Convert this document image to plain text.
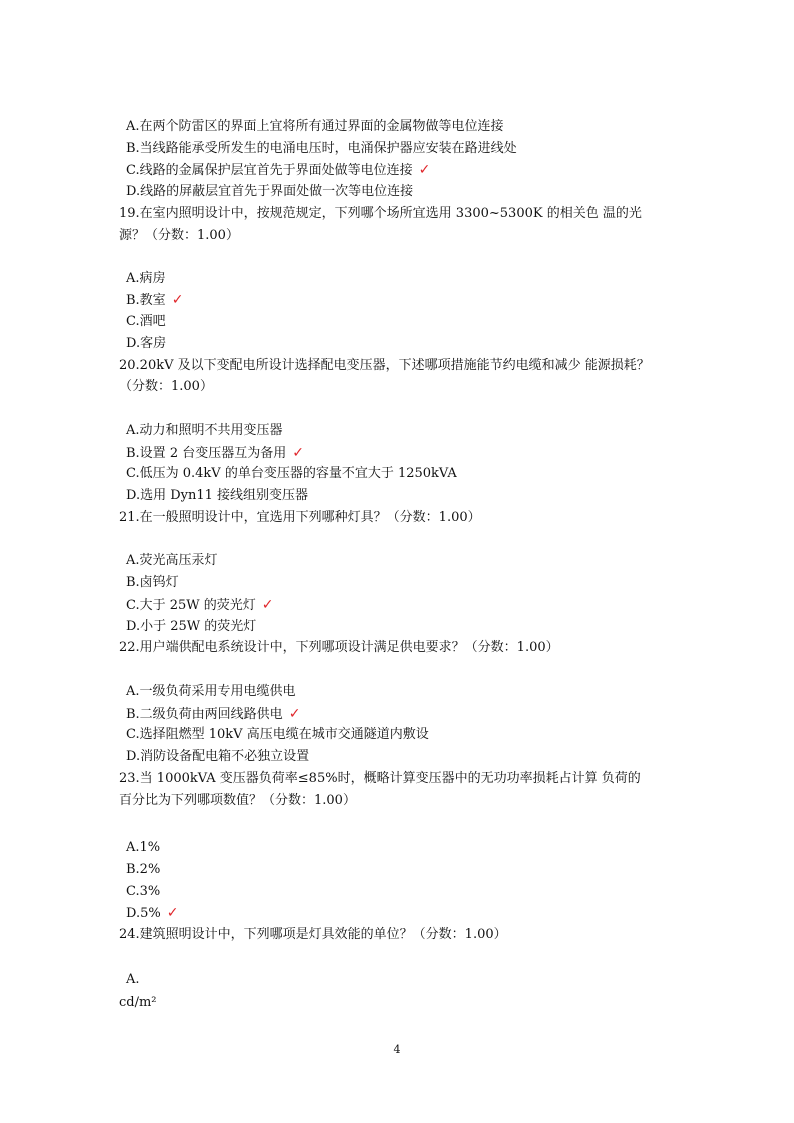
A.在两个防雷区的界面上宜将所有通过界面的金属物做等电位连接
B.当线路能承受所发生的电涌电压时，电涌保护器应安装在路进线处
C.线路的金属保护层宜首先于界面处做等电位连接 ✓
D.线路的屏蔽层宜首先于界面处做一次等电位连接
19.在室内照明设计中，按规范规定，下列哪个场所宜选用 3300~5300K 的相关色 温的光
源？（分数：1.00）
A.病房
B.教室 ✓
C.酒吧
D.客房
20.20kV 及以下变配电所设计选择配电变压器，下述哪项措施能节约电缆和减少 能源损耗？
（分数：1.00）
A.动力和照明不共用变压器
B.设置 2 台变压器互为备用 ✓
C.低压为 0.4kV 的单台变压器的容量不宜大于 1250kVA
D.选用 Dyn11 接线组别变压器
21.在一般照明设计中，宜选用下列哪种灯具？（分数：1.00）
A.荧光高压汞灯
B.卤钨灯
C.大于 25W 的荧光灯 ✓
D.小于 25W 的荧光灯
22.用户端供配电系统设计中，下列哪项设计满足供电要求？（分数：1.00）
A.一级负荷采用专用电缆供电
B.二级负荷由两回线路供电 ✓
C.选择阻燃型 10kV 高压电缆在城市交通隧道内敷设
D.消防设备配电箱不必独立设置
23.当 1000kVA 变压器负荷率≤85%时，概略计算变压器中的无功功率损耗占计算 负荷的
百分比为下列哪项数值？（分数：1.00）
A.1%
B.2%
C.3%
D.5% ✓
24.建筑照明设计中，下列哪项是灯具效能的单位？（分数：1.00）
A.
cd/m²
4
